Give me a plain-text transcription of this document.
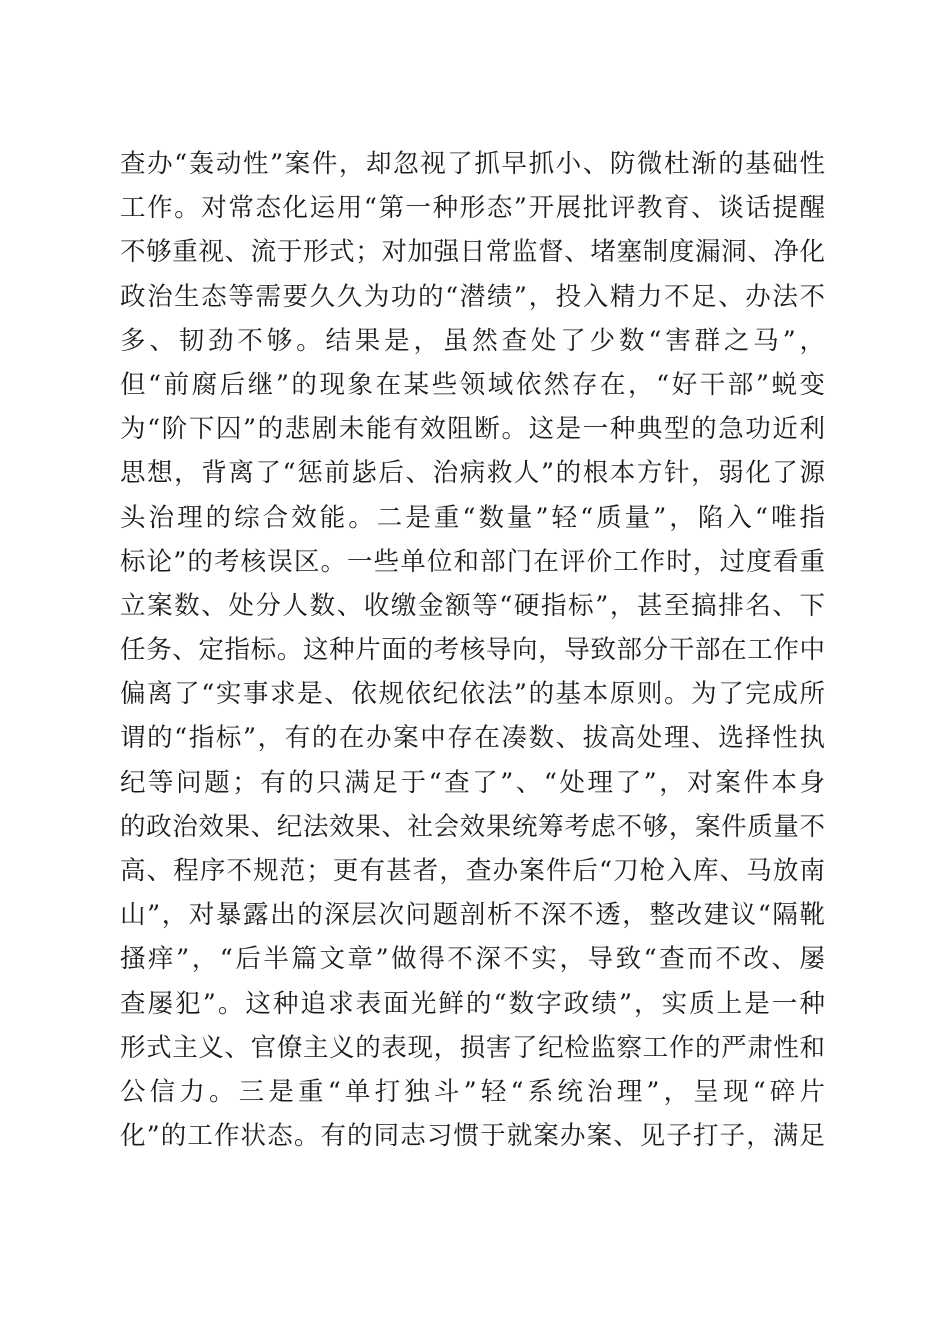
查办“轰动性”案件，却忽视了抓早抓小、防微杜渐的基础性
工作。对常态化运用“第一种形态”开展批评教育、谈话提醒
不够重视、流于形式；对加强日常监督、堵塞制度漏洞、净化
政治生态等需要久久为功的“潜绩”，投入精力不足、办法不
多、韧劲不够。结果是，虽然查处了少数“害群之马”，
但“前腐后继”的现象在某些领域依然存在，“好干部”蜕变
为“阶下囚”的悲剧未能有效阻断。这是一种典型的急功近利
思想，背离了“惩前毖后、治病救人”的根本方针，弱化了源
头治理的综合效能。二是重“数量”轻“质量”，陷入“唯指
标论”的考核误区。一些单位和部门在评价工作时，过度看重
立案数、处分人数、收缴金额等“硬指标”，甚至搞排名、下
任务、定指标。这种片面的考核导向，导致部分干部在工作中
偏离了“实事求是、依规依纪依法”的基本原则。为了完成所
谓的“指标”，有的在办案中存在凑数、拔高处理、选择性执
纪等问题；有的只满足于“查了”、“处理了”，对案件本身
的政治效果、纪法效果、社会效果统筹考虑不够，案件质量不
高、程序不规范；更有甚者，查办案件后“刀枪入库、马放南
山”，对暴露出的深层次问题剖析不深不透，整改建议“隔靴
搔痒”，“后半篇文章”做得不深不实，导致“查而不改、屡
查屡犯”。这种追求表面光鲜的“数字政绩”，实质上是一种
形式主义、官僚主义的表现，损害了纪检监察工作的严肃性和
公信力。三是重“单打独斗”轻“系统治理”，呈现“碎片
化”的工作状态。有的同志习惯于就案办案、见子打子，满足
